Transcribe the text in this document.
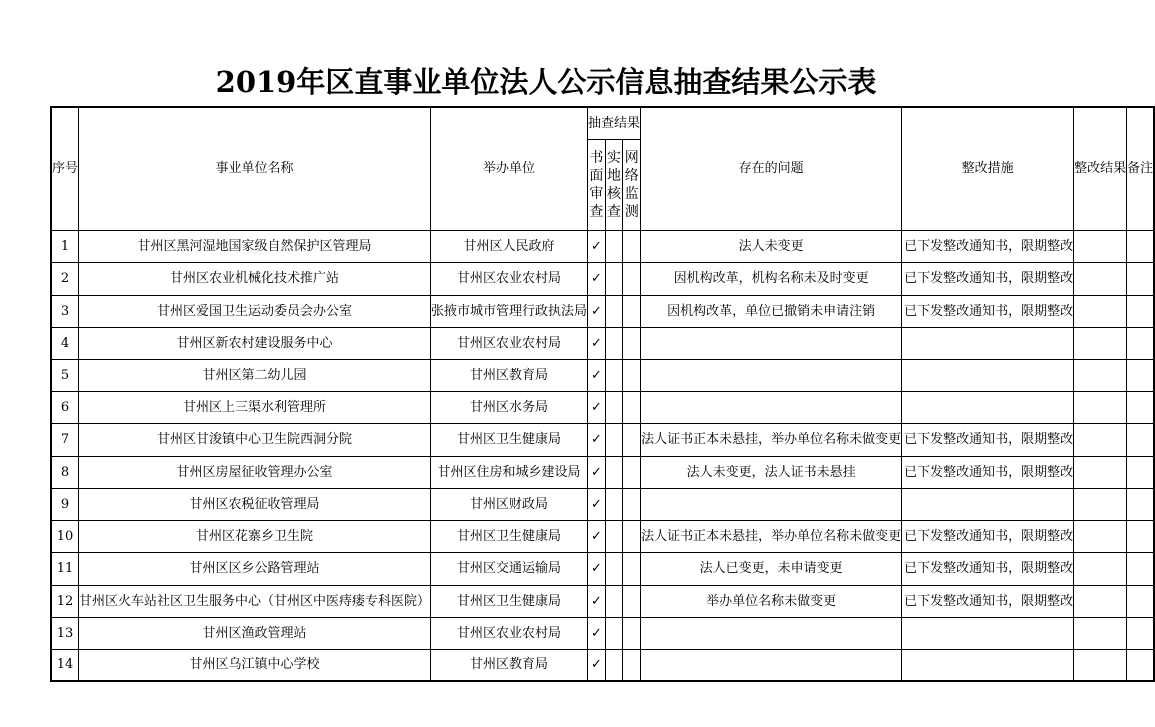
2019年区直事业单位法人公示信息抽查结果公示表
序号	事业单位名称	举办单位	抽查结果			存在的问题	整改措施	整改结果	备注
			书面审查	实地核查	网络监测				
1	甘州区黑河湿地国家级自然保护区管理局	甘州区人民政府	✓			法人未变更	已下发整改通知书，限期整改		
2	甘州区农业机械化技术推广站	甘州区农业农村局	✓			因机构改革，机构名称未及时变更	已下发整改通知书，限期整改		
3	甘州区爱国卫生运动委员会办公室	张掖市城市管理行政执法局	✓			因机构改革，单位已撤销未申请注销	已下发整改通知书，限期整改		
4	甘州区新农村建设服务中心	甘州区农业农村局	✓						
5	甘州区第二幼儿园	甘州区教育局	✓						
6	甘州区上三渠水利管理所	甘州区水务局	✓						
7	甘州区甘浚镇中心卫生院西洞分院	甘州区卫生健康局	✓			法人证书正本未悬挂，举办单位名称未做变更	已下发整改通知书，限期整改		
8	甘州区房屋征收管理办公室	甘州区住房和城乡建设局	✓			法人未变更，法人证书未悬挂	已下发整改通知书，限期整改		
9	甘州区农税征收管理局	甘州区财政局	✓						
10	甘州区花寨乡卫生院	甘州区卫生健康局	✓			法人证书正本未悬挂，举办单位名称未做变更	已下发整改通知书，限期整改		
11	甘州区区乡公路管理站	甘州区交通运输局	✓			法人已变更，未申请变更	已下发整改通知书，限期整改		
12	甘州区火车站社区卫生服务中心（甘州区中医痔瘘专科医院）	甘州区卫生健康局	✓			举办单位名称未做变更	已下发整改通知书，限期整改		
13	甘州区渔政管理站	甘州区农业农村局	✓						
14	甘州区乌江镇中心学校	甘州区教育局	✓						
